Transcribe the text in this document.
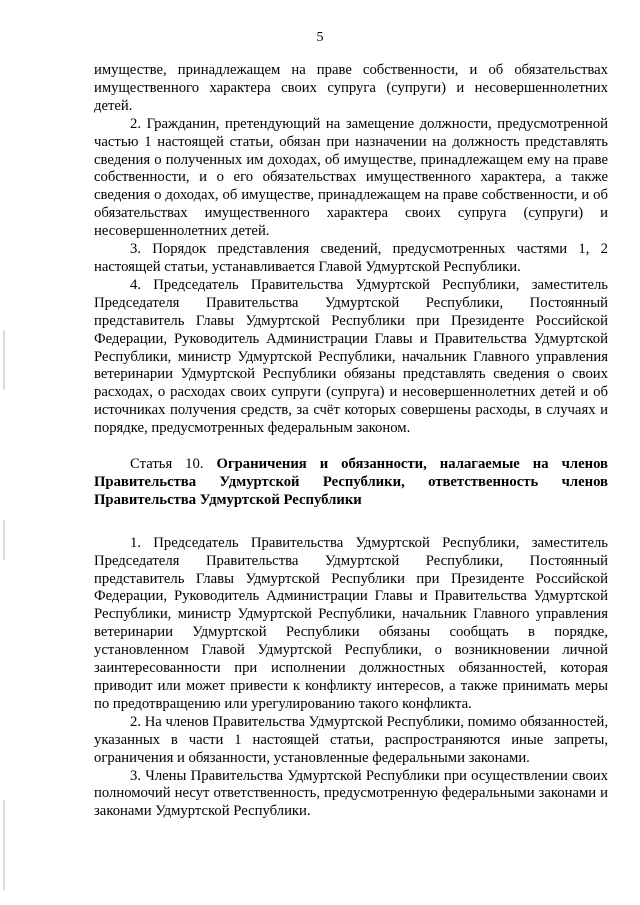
5

имуществе, принадлежащем на праве собственности, и об обязательствах имущественного характера своих супруга (супруги) и несовершеннолетних детей.

2. Гражданин, претендующий на замещение должности, предусмотренной частью 1 настоящей статьи, обязан при назначении на должность представлять сведения о полученных им доходах, об имуществе, принадлежащем ему на праве собственности, и о его обязательствах имущественного характера, а также сведения о доходах, об имуществе, принадлежащем на праве собственности, и об обязательствах имущественного характера своих супруга (супруги) и несовершеннолетних детей.

3. Порядок представления сведений, предусмотренных частями 1, 2 настоящей статьи, устанавливается Главой Удмуртской Республики.

4. Председатель Правительства Удмуртской Республики, заместитель Председателя Правительства Удмуртской Республики, Постоянный представитель Главы Удмуртской Республики при Президенте Российской Федерации, Руководитель Администрации Главы и Правительства Удмуртской Республики, министр Удмуртской Республики, начальник Главного управления ветеринарии Удмуртской Республики обязаны представлять сведения о своих расходах, о расходах своих супруги (супруга) и несовершеннолетних детей и об источниках получения средств, за счёт которых совершены расходы, в случаях и порядке, предусмотренных федеральным законом.

Статья 10. Ограничения и обязанности, налагаемые на членов Правительства Удмуртской Республики, ответственность членов Правительства Удмуртской Республики

1. Председатель Правительства Удмуртской Республики, заместитель Председателя Правительства Удмуртской Республики, Постоянный представитель Главы Удмуртской Республики при Президенте Российской Федерации, Руководитель Администрации Главы и Правительства Удмуртской Республики, министр Удмуртской Республики, начальник Главного управления ветеринарии Удмуртской Республики обязаны сообщать в порядке, установленном Главой Удмуртской Республики, о возникновении личной заинтересованности при исполнении должностных обязанностей, которая приводит или может привести к конфликту интересов, а также принимать меры по предотвращению или урегулированию такого конфликта.

2. На членов Правительства Удмуртской Республики, помимо обязанностей, указанных в части 1 настоящей статьи, распространяются иные запреты, ограничения и обязанности, установленные федеральными законами.

3. Члены Правительства Удмуртской Республики при осуществлении своих полномочий несут ответственность, предусмотренную федеральными законами и законами Удмуртской Республики.
